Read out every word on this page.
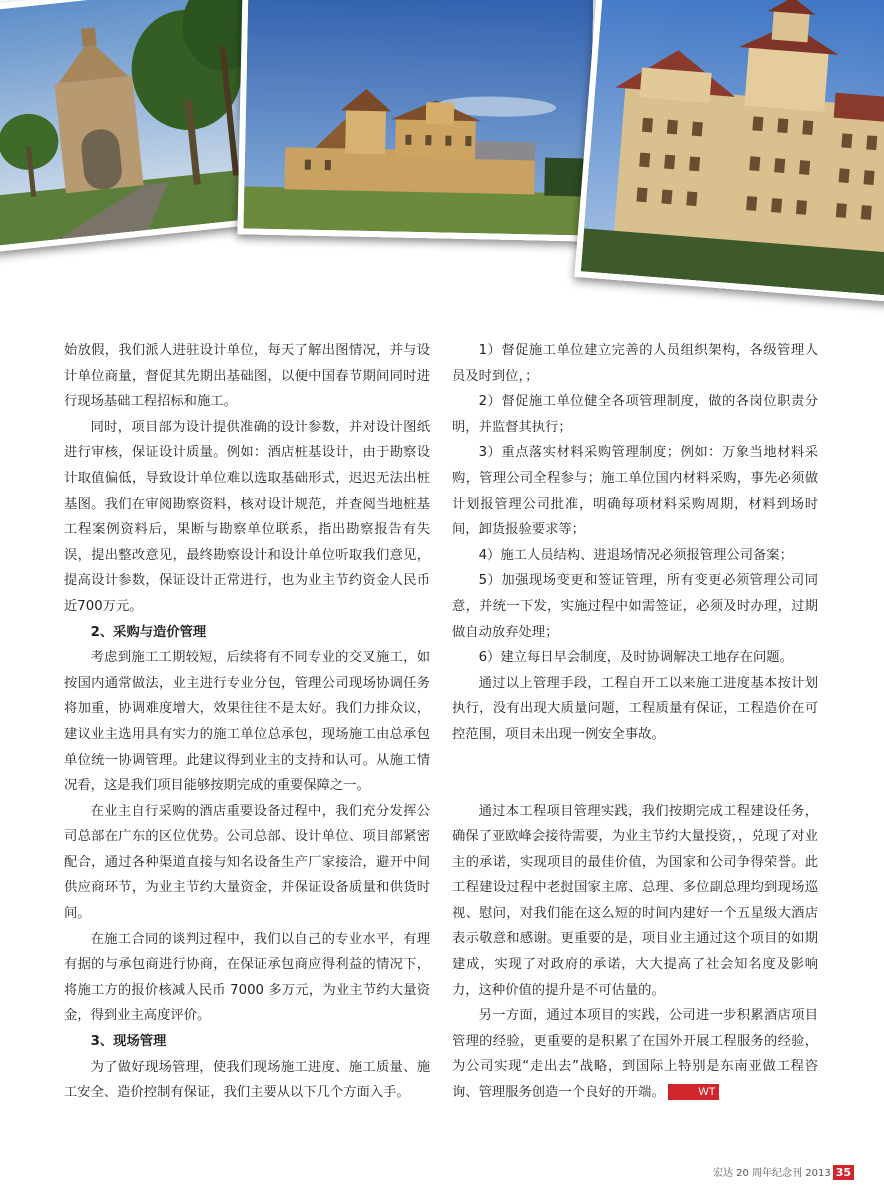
始放假，我们派人进驻设计单位，每天了解出图情况，并与设计单位商量，督促其先期出基础图，以便中国春节期间同时进行现场基础工程招标和施工。

同时，项目部为设计提供准确的设计参数，并对设计图纸进行审核，保证设计质量。例如：酒店桩基设计，由于勘察设计取值偏低，导致设计单位难以选取基础形式，迟迟无法出桩基图。我们在审阅勘察资料，核对设计规范，并查阅当地桩基工程案例资料后，果断与勘察单位联系，指出勘察报告有失误，提出整改意见，最终勘察设计和设计单位听取我们意见，提高设计参数，保证设计正常进行，也为业主节约资金人民币近700万元。

2、采购与造价管理

考虑到施工工期较短，后续将有不同专业的交叉施工，如按国内通常做法，业主进行专业分包，管理公司现场协调任务将加重，协调难度增大，效果往往不是太好。我们力排众议，建议业主选用具有实力的施工单位总承包，现场施工由总承包单位统一协调管理。此建议得到业主的支持和认可。从施工情况看，这是我们项目能够按期完成的重要保障之一。

在业主自行采购的酒店重要设备过程中，我们充分发挥公司总部在广东的区位优势。公司总部、设计单位、项目部紧密配合，通过各种渠道直接与知名设备生产厂家接洽，避开中间供应商环节，为业主节约大量资金，并保证设备质量和供货时间。

在施工合同的谈判过程中，我们以自己的专业水平，有理有据的与承包商进行协商，在保证承包商应得利益的情况下，将施工方的报价核减人民币 7000 多万元，为业主节约大量资金，得到业主高度评价。

3、现场管理

为了做好现场管理，使我们现场施工进度、施工质量、施工安全、造价控制有保证，我们主要从以下几个方面入手。

1）督促施工单位建立完善的人员组织架构，各级管理人员及时到位，；

2）督促施工单位健全各项管理制度，做的各岗位职责分明，并监督其执行；

3）重点落实材料采购管理制度；例如：万象当地材料采购，管理公司全程参与；施工单位国内材料采购，事先必须做计划报管理公司批准，明确每项材料采购周期，材料到场时间，卸货报验要求等；

4）施工人员结构、进退场情况必须报管理公司备案；

5）加强现场变更和签证管理，所有变更必须管理公司同意，并统一下发，实施过程中如需签证，必须及时办理，过期做自动放弃处理；

6）建立每日早会制度，及时协调解决工地存在问题。

通过以上管理手段，工程自开工以来施工进度基本按计划执行，没有出现大质量问题，工程质量有保证，工程造价在可控范围，项目未出现一例安全事故。

通过本工程项目管理实践，我们按期完成工程建设任务，确保了亚欧峰会接待需要，为业主节约大量投资，，兑现了对业主的承诺，实现项目的最佳价值，为国家和公司争得荣誉。此工程建设过程中老挝国家主席、总理、多位副总理均到现场巡视、慰问，对我们能在这么短的时间内建好一个五星级大酒店表示敬意和感谢。更重要的是，项目业主通过这个项目的如期建成，实现了对政府的承诺，大大提高了社会知名度及影响力，这种价值的提升是不可估量的。

另一方面，通过本项目的实践，公司进一步积累酒店项目管理的经验，更重要的是积累了在国外开展工程服务的经验，为公司实现“走出去”战略，到国际上特别是东南亚做工程咨询、管理服务创造一个良好的开端。	WT

宏达 20 周年纪念刊 2013 35
